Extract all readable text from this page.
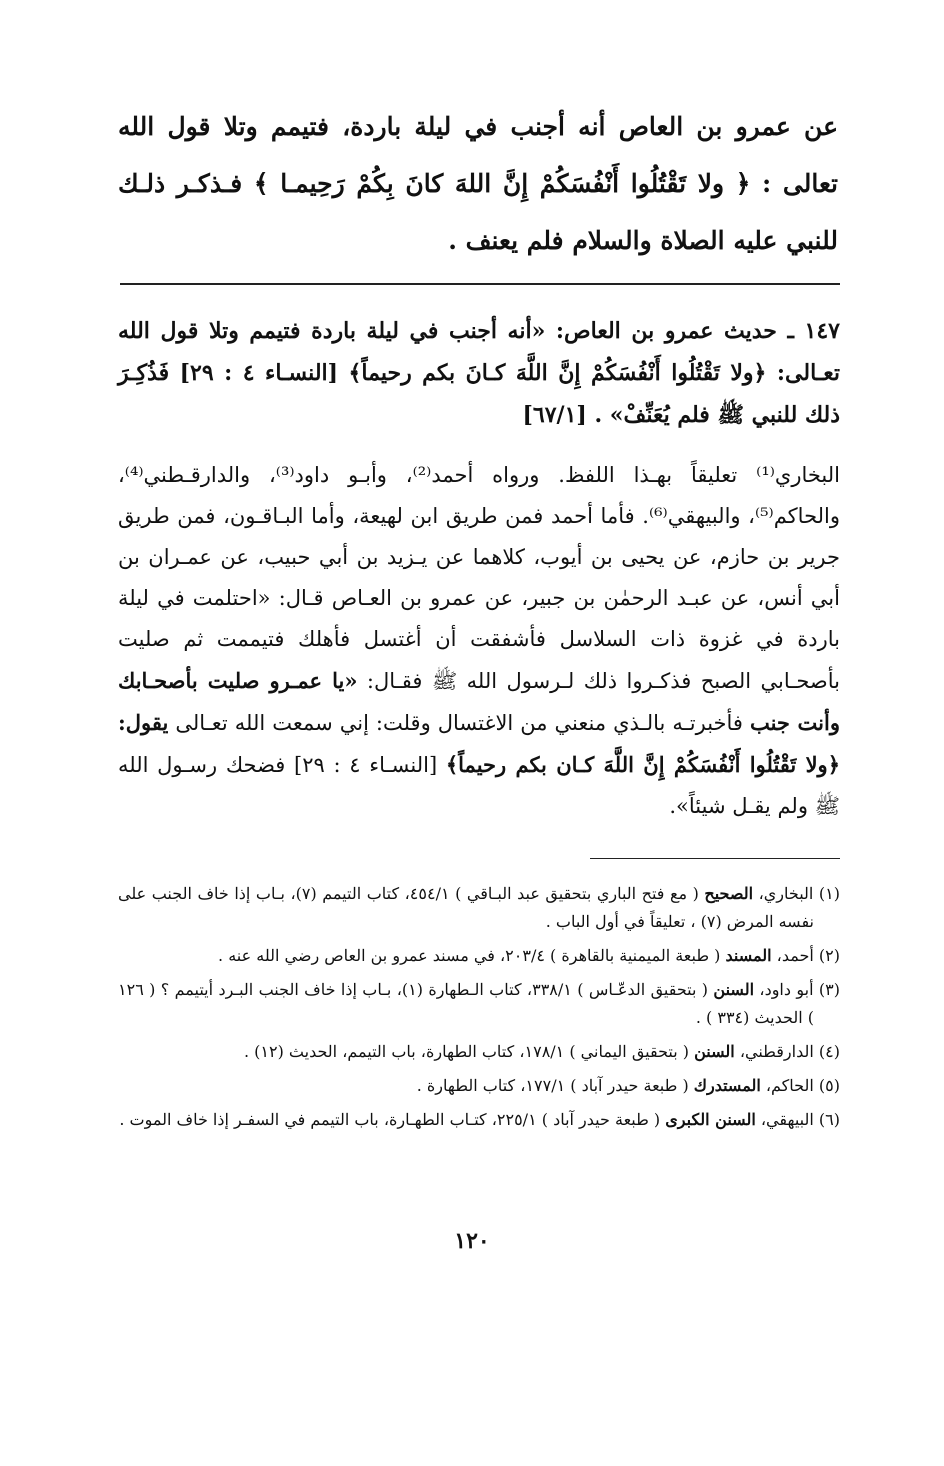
عن عمرو بن العاص أنه أجنب في ليلة باردة، فتيمم وتلا قول الله تعالى : ﴿ ولا تَقْتُلُوا أَنْفُسَكُمْ إِنَّ اللهَ كانَ بِكُمْ رَحِيمـا ﴾ فـذكـر ذلـك للنبي عليه الصلاة والسلام فلم يعنف .
١٤٧ ـ حديث عمرو بن العاص: «أنه أجنب في ليلة باردة فتيمم وتلا قول الله تعـالى: ﴿ولا تَقْتُلُوا أَنْفُسَكُمْ إِنَّ اللَّهَ كـانَ بكم رحيماً﴾ [النسـاء ٤ : ٢٩] فَذُكِـرَ ذلك للنبي ﷺ فلم يُعَنِّفْ» . [٦٧/١]
البخاري⁽¹⁾ تعليقاً بهـذا اللفظ. ورواه أحمد⁽²⁾، وأبـو داود⁽³⁾، والدارقـطني⁽⁴⁾، والحاكم⁽⁵⁾، والبيهقي⁽⁶⁾. فأما أحمد فمن طريق ابن لهيعة، وأما البـاقـون، فمن طريق جرير بن حازم، عن يحيى بن أيوب، كلاهما عن يـزيد بن أبي حبيب، عن عمـران بن أبي أنس، عن عبـد الرحمٰن بن جبير، عن عمرو بن العـاص قـال: «احتلمت في ليلة باردة في غزوة ذات السلاسل فأشفقت أن أغتسل فأهلك فتيممت ثم صليت بأصحـابي الصبح فذكـروا ذلك لـرسول الله ﷺ فقـال: «يا عمـرو صليت بأصحـابك وأنت جنب فأخبرتـه بالـذي منعني من الاغتسال وقلت: إني سمعت الله تعـالى يقول: ﴿ولا تَقْتُلُوا أَنْفُسَكُمْ إِنَّ اللَّهَ كـان بكم رحيماً﴾ [النسـاء ٤ : ٢٩] فضحك رسـول الله ﷺ ولم يقـل شيئاً».

(١) البخاري، الصحيح ( مع فتح الباري بتحقيق عبد البـاقي ) ٤٥٤/١، كتاب التيمم (٧)، بـاب إذا خاف الجنب على نفسه المرض (٧) ، تعليقاً في أول الباب .

(٢) أحمد، المسند ( طبعة الميمنية بالقاهرة ) ٢٠٣/٤، في مسند عمرو بن العاص رضي الله عنه .

(٣) أبو داود، السنن ( بتحقيق الدعّـاس ) ٣٣٨/١، كتاب الـطهارة (١)، بـاب إذا خاف الجنب البـرد أيتيمم ؟ ( ١٢٦ ) الحديث (٣٣٤ ) .

(٤) الدارقطني، السنن ( بتحقيق اليماني ) ١٧٨/١، كتاب الطهارة، باب التيمم، الحديث (١٢) .

(٥) الحاكم، المستدرك ( طبعة حيدر آباد ) ١٧٧/١، كتاب الطهارة .

(٦) البيهقي، السنن الكبرى ( طبعة حيدر آباد ) ٢٢٥/١، كتـاب الطهـارة، باب التيمم في السفـر إذا خاف الموت .

١٢٠
